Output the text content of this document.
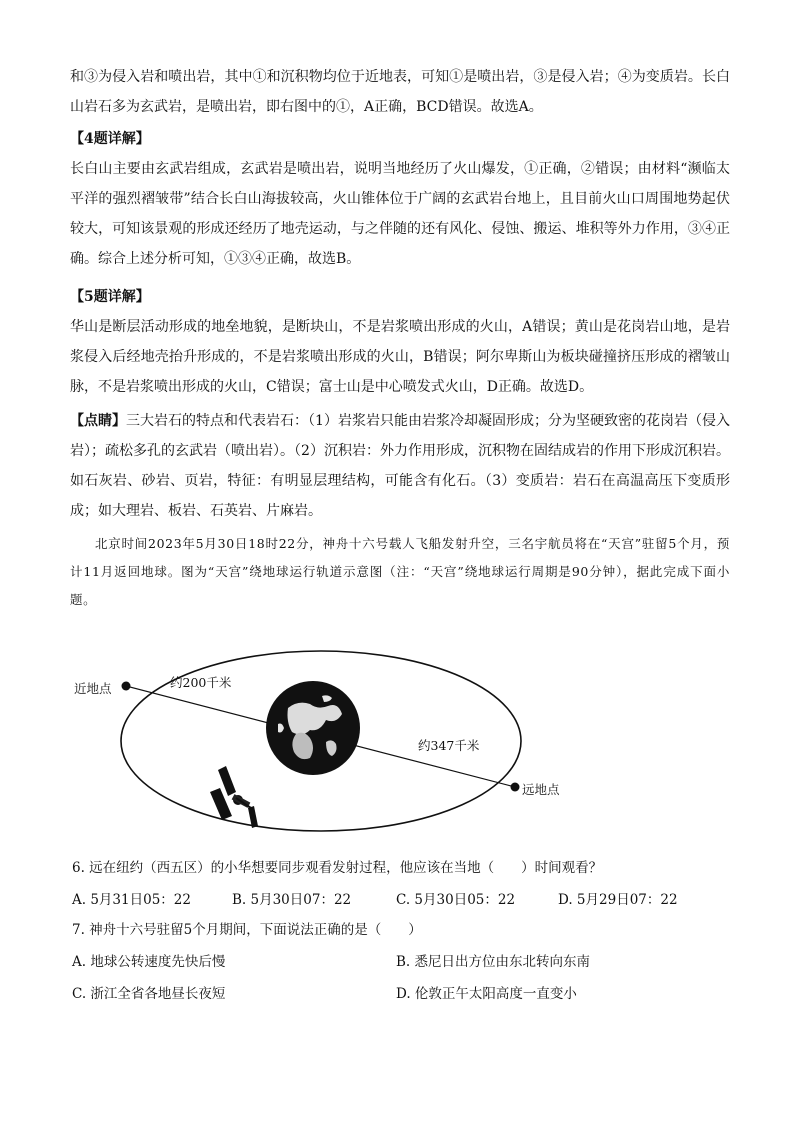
和③为侵入岩和喷出岩，其中①和沉积物均位于近地表，可知①是喷出岩，③是侵入岩；④为变质岩。长白山岩石多为玄武岩，是喷出岩，即右图中的①，A正确，BCD错误。故选A。
【4题详解】
长白山主要由玄武岩组成，玄武岩是喷出岩，说明当地经历了火山爆发，①正确，②错误；由材料“濒临太平洋的强烈褶皱带”结合长白山海拔较高，火山锥体位于广阔的玄武岩台地上，且目前火山口周围地势起伏较大，可知该景观的形成还经历了地壳运动，与之伴随的还有风化、侵蚀、搬运、堆积等外力作用，③④正确。综合上述分析可知，①③④正确，故选B。
【5题详解】
华山是断层活动形成的地垒地貌，是断块山，不是岩浆喷出形成的火山，A错误；黄山是花岗岩山地，是岩浆侵入后经地壳抬升形成的，不是岩浆喷出形成的火山，B错误；阿尔卑斯山为板块碰撞挤压形成的褶皱山脉，不是岩浆喷出形成的火山，C错误；富士山是中心喷发式火山，D正确。故选D。
【点睛】三大岩石的特点和代表岩石：（1）岩浆岩只能由岩浆冷却凝固形成；分为坚硬致密的花岗岩（侵入岩）；疏松多孔的玄武岩（喷出岩）。（2）沉积岩：外力作用形成，沉积物在固结成岩的作用下形成沉积岩。如石灰岩、砂岩、页岩，特征：有明显层理结构，可能含有化石。（3）变质岩：岩石在高温高压下变质形成；如大理岩、板岩、石英岩、片麻岩。
北京时间2023年5月30日18时22分，神舟十六号载人飞船发射升空，三名宇航员将在“天宫”驻留5个月，预计11月返回地球。图为“天宫”绕地球运行轨道示意图（注：“天宫”绕地球运行周期是90分钟），据此完成下面小题。
近地点
远地点
约200千米
约347千米
6. 远在纽约（西五区）的小华想要同步观看发射过程，他应该在当地（　　）时间观看？
A. 5月31日05：22	B. 5月30日07：22	C. 5月30日05：22	D. 5月29日07：22
7. 神舟十六号驻留5个月期间，下面说法正确的是（　　）
A. 地球公转速度先快后慢	B. 悉尼日出方位由东北转向东南
C. 浙江全省各地昼长夜短	D. 伦敦正午太阳高度一直变小
